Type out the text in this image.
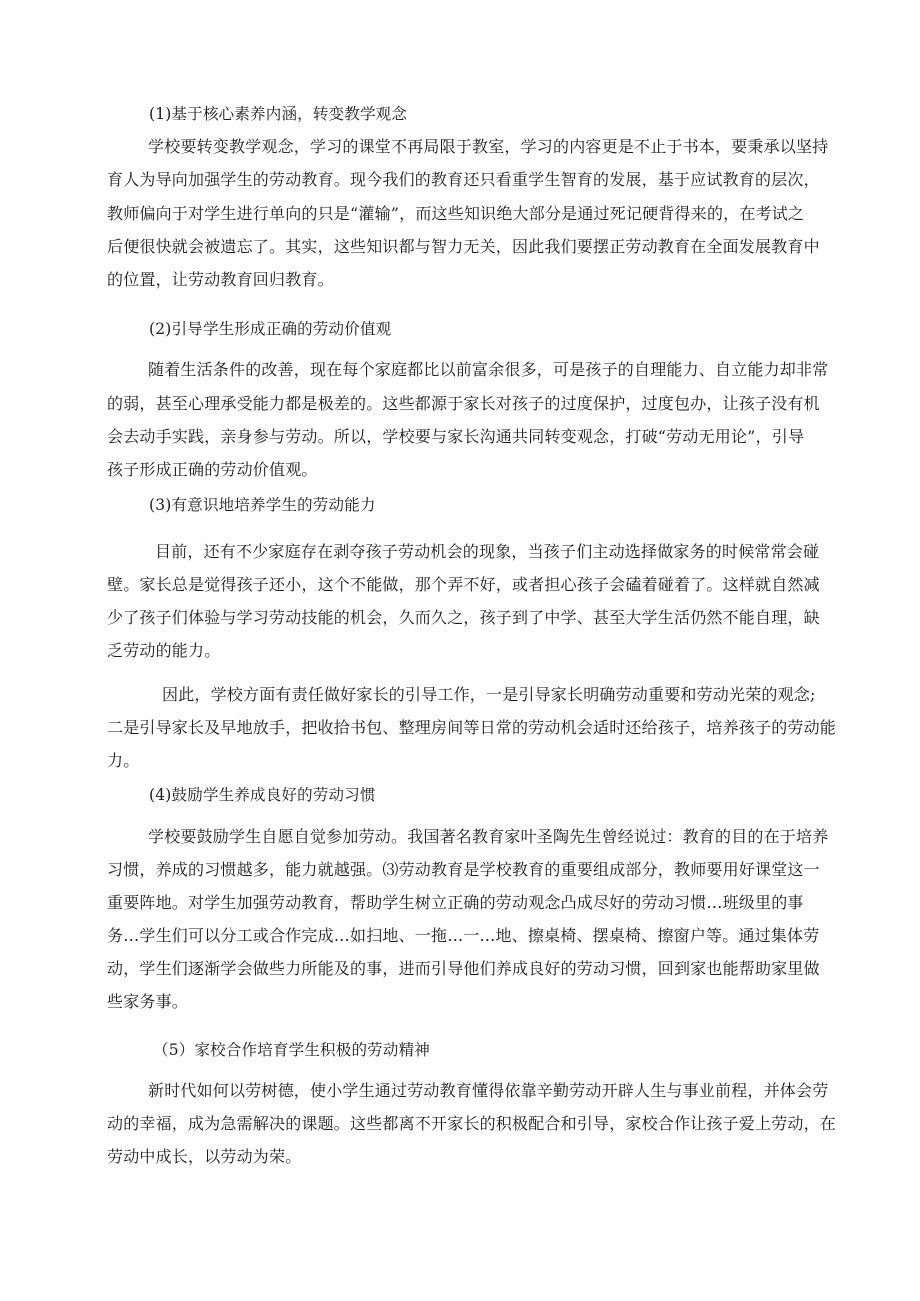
(1)基于核心素养内涵，转变教学观念
学校要转变教学观念，学习的课堂不再局限于教室，学习的内容更是不止于书本，要秉承以坚持
育人为导向加强学生的劳动教育。现今我们的教育还只看重学生智育的发展，基于应试教育的层次，
教师偏向于对学生进行单向的只是“灌输”，而这些知识绝大部分是通过死记硬背得来的，在考试之
后便很快就会被遗忘了。其实，这些知识都与智力无关，因此我们要摆正劳动教育在全面发展教育中
的位置，让劳动教育回归教育。
(2)引导学生形成正确的劳动价值观
随着生活条件的改善，现在每个家庭都比以前富余很多，可是孩子的自理能力、自立能力却非常
的弱，甚至心理承受能力都是极差的。这些都源于家长对孩子的过度保护，过度包办，让孩子没有机
会去动手实践，亲身参与劳动。所以，学校要与家长沟通共同转变观念，打破“劳动无用论”，引导
孩子形成正确的劳动价值观。
(3)有意识地培养学生的劳动能力
目前，还有不少家庭存在剥夺孩子劳动机会的现象，当孩子们主动选择做家务的时候常常会碰
壁。家长总是觉得孩子还小，这个不能做，那个弄不好，或者担心孩子会磕着碰着了。这样就自然减
少了孩子们体验与学习劳动技能的机会，久而久之，孩子到了中学、甚至大学生活仍然不能自理，缺
乏劳动的能力。
因此，学校方面有责任做好家长的引导工作，一是引导家长明确劳动重要和劳动光荣的观念;
二是引导家长及早地放手，把收拾书包、整理房间等日常的劳动机会适时还给孩子，培养孩子的劳动能
力。
(4)鼓励学生养成良好的劳动习惯
学校要鼓励学生自愿自觉参加劳动。我国著名教育家叶圣陶先生曾经说过：教育的目的在于培养
习惯，养成的习惯越多，能力就越强。⑶劳动教育是学校教育的重要组成部分，教师要用好课堂这一
重要阵地。对学生加强劳动教育，帮助学生树立正确的劳动观念凸成尽好的劳动习惯…班级里的事
务…学生们可以分工或合作完成…如扫地、一拖…一...地、擦桌椅、摆桌椅、擦窗户等。通过集体劳
动，学生们逐渐学会做些力所能及的事，进而引导他们养成良好的劳动习惯，回到家也能帮助家里做
些家务事。
（5）家校合作培育学生积极的劳动精神
新时代如何以劳树德，使小学生通过劳动教育懂得依靠辛勤劳动开辟人生与事业前程，并体会劳
动的幸福，成为急需解决的课题。这些都离不开家长的积极配合和引导，家校合作让孩子爱上劳动，在
劳动中成长，以劳动为荣。
